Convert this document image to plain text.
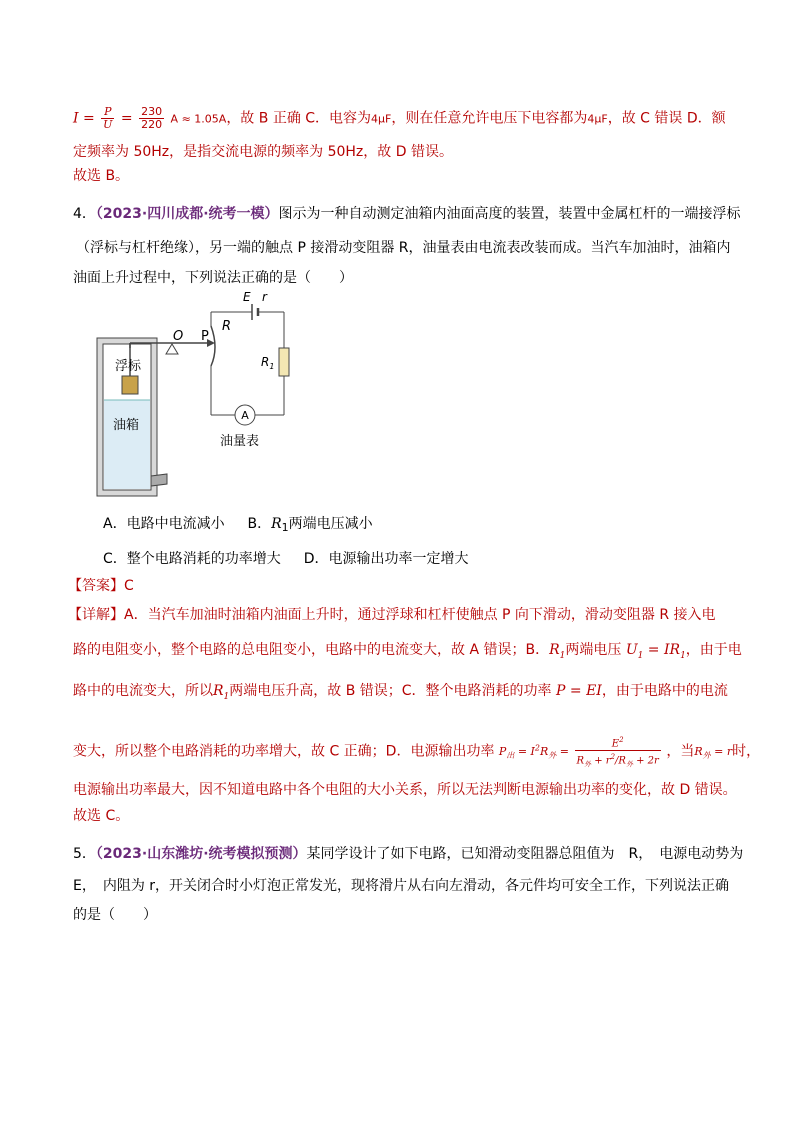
$I = \frac{P}{U} = \frac{230}{220}$ A ≈ 1.05A，故 B 正确 C．电容为4μF，则在任意允许电压下电容都为4μF，故 C 错误 D．额
定频率为 50Hz，是指交流电源的频率为 50Hz，故 D 错误。
故选 B。
4．（2023·四川成都·统考一模）图示为一种自动测定油箱内油面高度的装置，装置中金属杠杆的一端接浮标
（浮标与杠杆绝缘），另一端的触点 P 接滑动变阻器 R，油量表由电流表改装而成。当汽车加油时，油箱内
油面上升过程中，下列说法正确的是（　　）
A
E r
O P
R
$R_1$
油量表
浮标
油箱
A．电路中电流减小 B．$R_1$两端电压减小
C．整个电路消耗的功率增大 D．电源输出功率一定增大
【答案】C
【详解】A．当汽车加油时油箱内油面上升时，通过浮球和杠杆使触点 P 向下滑动，滑动变阻器 R 接入电
路的电阻变小，整个电路的总电阻变小，电路中的电流变大，故 A 错误；B．$R_1$两端电压 $U_1 = IR_1$，由于电
路中的电流变大，所以$R_1$两端电压升高，故 B 错误；C．整个电路消耗的功率 P = EI，由于电路中的电流
变大，所以整个电路消耗的功率增大，故 C 正确；D．电源输出功率 $P_出 = I^2R_外 = \frac{E^2}{R_外 + r^2/R_外 + 2r}$ ，当$R_外 = r$时，
电源输出功率最大，因不知道电路中各个电阻的大小关系，所以无法判断电源输出功率的变化，故 D 错误。
故选 C。
5．（2023·山东潍坊·统考模拟预测）某同学设计了如下电路，已知滑动变阻器总阻值为　R，　电源电动势为
E，　内阻为 r，开关闭合时小灯泡正常发光，现将滑片从右向左滑动，各元件均可安全工作，下列说法正确
的是（　　）
